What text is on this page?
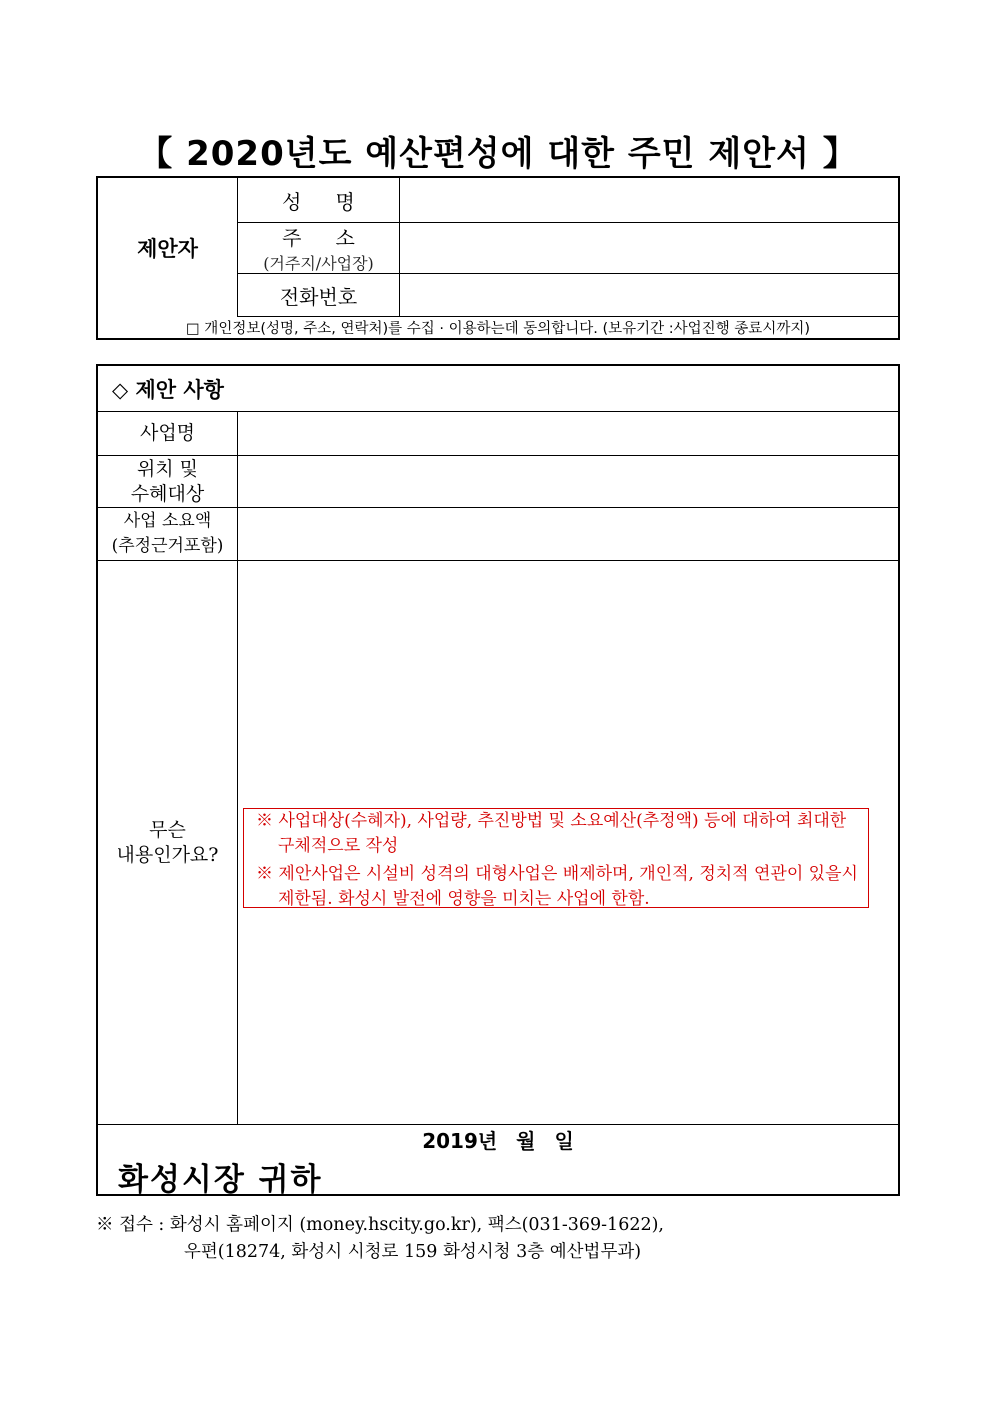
【 2020년도 예산편성에 대한 주민 제안서 】
제안자
성명
주소
(거주지/사업장)
전화번호
□ 개인정보(성명, 주소, 연락처)를 수집 · 이용하는데 동의합니다. (보유기간 :사업진행 종료시까지)
◇ 제안 사항
사업명
위치 및
수혜대상
사업 소요액
(추정근거포함)
무슨
내용인가요?

※ 사업대상(수혜자), 사업량, 추진방법 및 소요예산(추정액) 등에 대하여 최대한 구체적으로 작성

※ 제안사업은 시설비 성격의 대형사업은 배제하며, 개인적, 정치적 연관이 있을시 제한됨. 화성시 발전에 영향을 미치는 사업에 한함.

2019년 월 일
화성시장 귀하
※ 접수 : 화성시 홈페이지 (money.hscity.go.kr), 팩스(031-369-1622),
우편(18274, 화성시 시청로 159 화성시청 3층 예산법무과)
